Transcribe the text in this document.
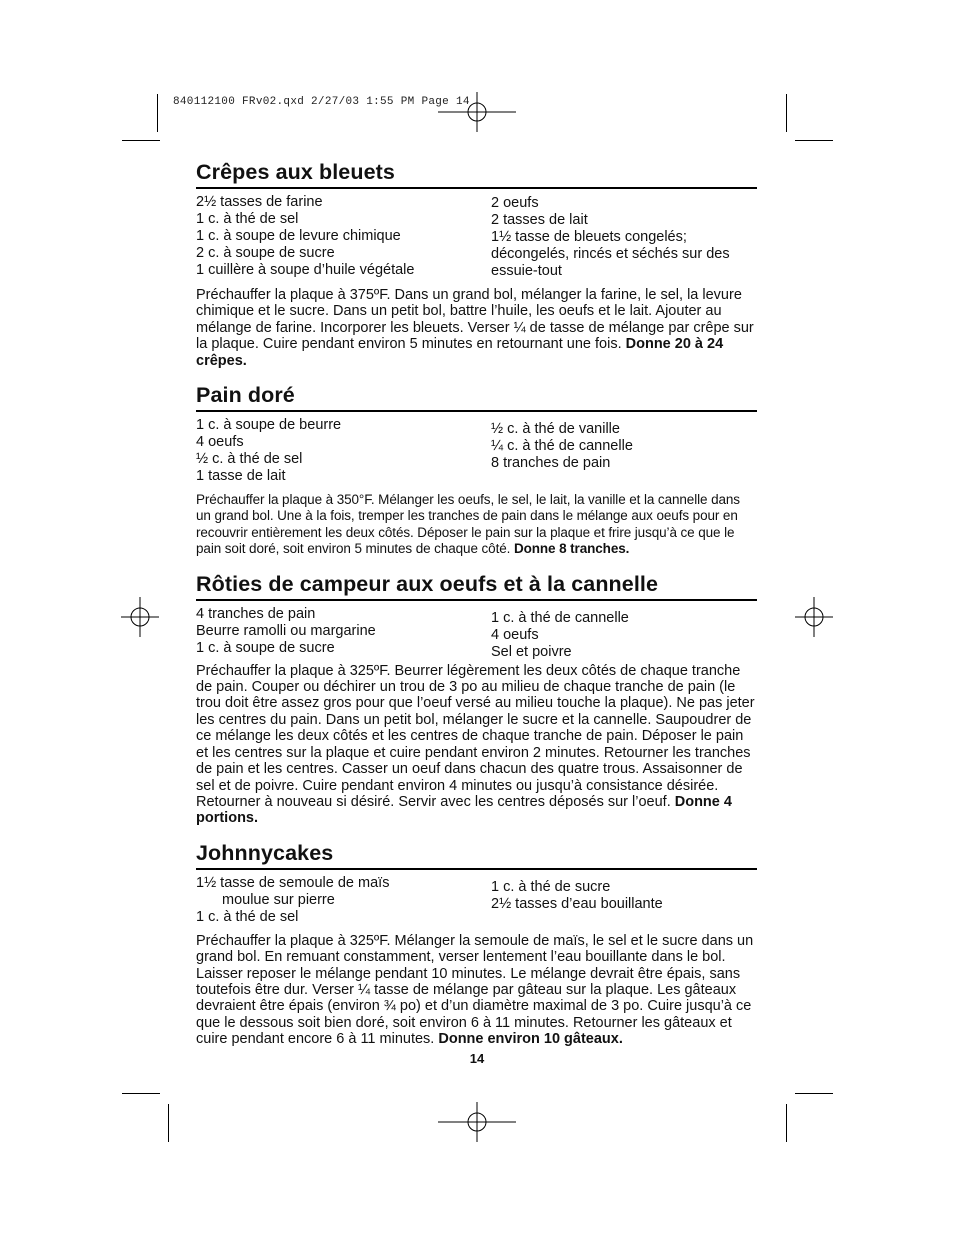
840112100 FRv02.qxd 2/27/03 1:55 PM Page 14
Crêpes aux bleuets
2½ tasses de farine
1 c. à thé de sel
1 c. à soupe de levure chimique
2 c. à soupe de sucre
1 cuillère à soupe d’huile végétale
2 oeufs
2 tasses de lait
1½ tasse de bleuets congelés;
décongelés, rincés et séchés sur des
essuie-tout

Préchauffer la plaque à 375ºF. Dans un grand bol, mélanger la farine, le sel, la levure chimique et le sucre. Dans un petit bol, battre l’huile, les oeufs et le lait. Ajouter au mélange de farine. Incorporer les bleuets. Verser ¼ de tasse de mélange par crêpe sur la plaque. Cuire pendant environ 5 minutes en retournant une fois. Donne 20 à 24 crêpes.

Pain doré
1 c. à soupe de beurre
4 oeufs
½ c. à thé de sel
1 tasse de lait
½ c. à thé de vanille
¼ c. à thé de cannelle
8 tranches de pain

Préchauffer la plaque à 350°F. Mélanger les oeufs, le sel, le lait, la vanille et la cannelle dans un grand bol. Une à la fois, tremper les tranches de pain dans le mélange aux oeufs pour en recouvrir entièrement les deux côtés. Déposer le pain sur la plaque et frire jusqu’à ce que le pain soit doré, soit environ 5 minutes de chaque côté. Donne 8 tranches.

Rôties de campeur aux oeufs et à la cannelle
4 tranches de pain
Beurre ramolli ou margarine
1 c. à soupe de sucre
1 c. à thé de cannelle
4 oeufs
Sel et poivre

Préchauffer la plaque à 325ºF. Beurrer légèrement les deux côtés de chaque tranche de pain. Couper ou déchirer un trou de 3 po au milieu de chaque tranche de pain (le trou doit être assez gros pour que l’oeuf versé au milieu touche la plaque). Ne pas jeter les centres du pain. Dans un petit bol, mélanger le sucre et la cannelle. Saupoudrer de ce mélange les deux côtés et les centres de chaque tranche de pain. Déposer le pain et les centres sur la plaque et cuire pendant environ 2 minutes. Retourner les tranches de pain et les centres. Casser un oeuf dans chacun des quatre trous. Assaisonner de sel et de poivre. Cuire pendant environ 4 minutes ou jusqu’à consistance désirée. Retourner à nouveau si désiré. Servir avec les centres déposés sur l’oeuf. Donne 4 portions.

Johnnycakes
1½ tasse de semoule de maïs
moulue sur pierre
1 c. à thé de sel
1 c. à thé de sucre
2½ tasses d’eau bouillante

Préchauffer la plaque à 325ºF. Mélanger la semoule de maïs, le sel et le sucre dans un grand bol. En remuant constamment, verser lentement l’eau bouillante dans le bol. Laisser reposer le mélange pendant 10 minutes. Le mélange devrait être épais, sans toutefois être dur. Verser ¼ tasse de mélange par gâteau sur la plaque. Les gâteaux devraient être épais (environ ¾ po) et d’un diamètre maximal de 3 po. Cuire jusqu’à ce que le dessous soit bien doré, soit environ 6 à 11 minutes. Retourner les gâteaux et cuire pendant encore 6 à 11 minutes. Donne environ 10 gâteaux.

14
